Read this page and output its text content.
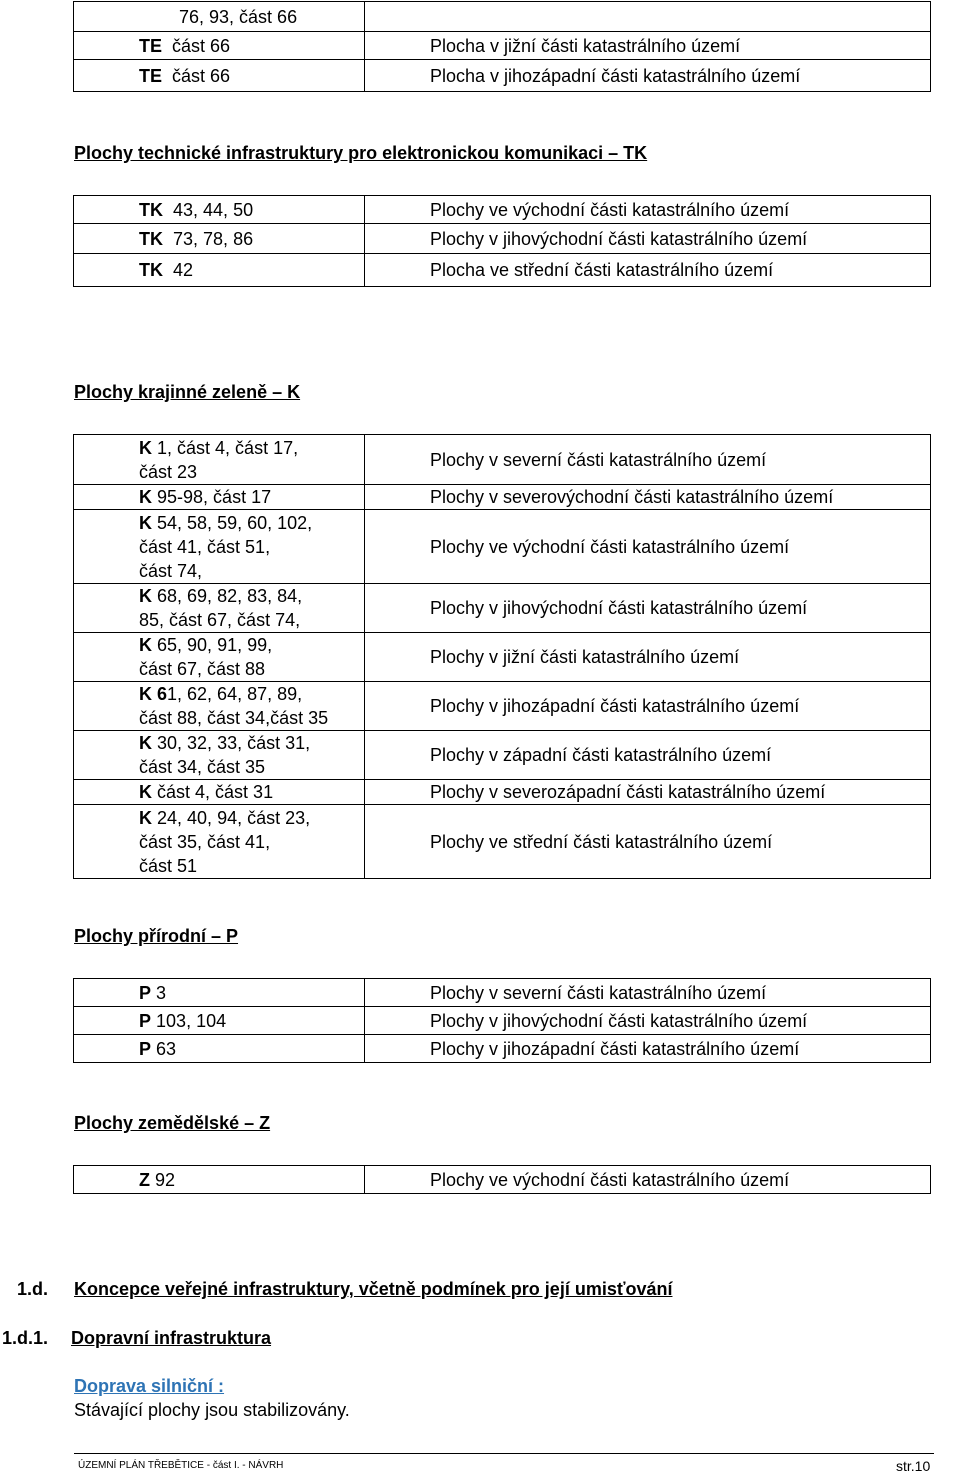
76, 93, část 66	

TE část 66	Plocha v jižní části katastrálního území

TE část 66	Plocha v jihozápadní části katastrálního území
Plochy technické infrastruktury pro elektronickou komunikaci – TK
TK 43, 44, 50	Plochy ve východní části katastrálního území

TK 73, 78, 86	Plochy v jihovýchodní části katastrálního území

TK 42	Plocha ve střední části katastrálního území
Plochy krajinné zeleně – K
K 1, část 4, část 17,
část 23	Plochy v severní části katastrálního území

K 95-98, část 17	Plochy v severovýchodní části katastrálního území

K 54, 58, 59, 60, 102,
část 41, část 51,
část 74,	Plochy ve východní části katastrálního území

K 68, 69, 82, 83, 84,
85, část 67, část 74,	Plochy v jihovýchodní části katastrálního území

K 65, 90, 91, 99,
část 67, část 88	Plochy v jižní části katastrálního území

K 61, 62, 64, 87, 89,
část 88, část 34,část 35	Plochy v jihozápadní části katastrálního území

K 30, 32, 33, část 31,
část 34, část 35	Plochy v západní části katastrálního území

K část 4, část 31	Plochy v severozápadní části katastrálního území

K 24, 40, 94, část 23,
část 35, část 41,
část 51	Plochy ve střední části katastrálního území
Plochy přírodní – P
P 3	Plochy v severní části katastrálního území

P 103, 104	Plochy v jihovýchodní části katastrálního území

P 63	Plochy v jihozápadní části katastrálního území
Plochy zemědělské – Z
Z 92	Plochy ve východní části katastrálního území
1.d. Koncepce veřejné infrastruktury, včetně podmínek pro její umisťování
1.d.1. Dopravní infrastruktura
Doprava silniční :
Stávající plochy jsou stabilizovány.
ÚZEMNÍ PLÁN TŘEBĚTICE - část I. - NÁVRH	str.10
